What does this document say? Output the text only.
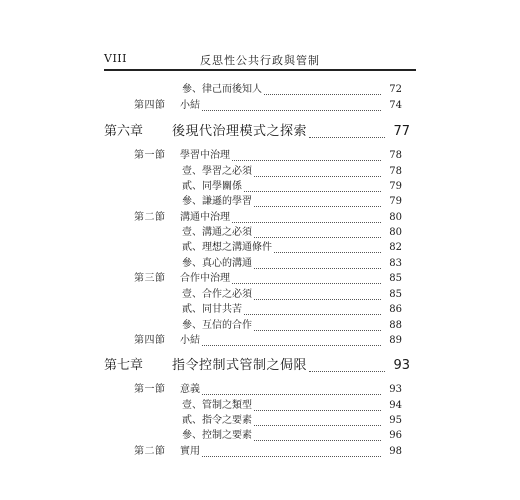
VIII	反思性公共行政與管制
參、律己而後知人	72
第四節 小結	74
第六章 後現代治理模式之探索	77
第一節 學習中治理	78
壹、學習之必須	78
貳、同學關係	79
參、謙遜的學習	79
第二節 溝通中治理	80
壹、溝通之必須	80
貳、理想之溝通條件	82
參、真心的溝通	83
第三節 合作中治理	85
壹、合作之必須	85
貳、同甘共苦	86
參、互信的合作	88
第四節 小結	89
第七章 指令控制式管制之侷限	93
第一節 意義	93
壹、管制之類型	94
貳、指令之要素	95
參、控制之要素	96
第二節 實用	98
